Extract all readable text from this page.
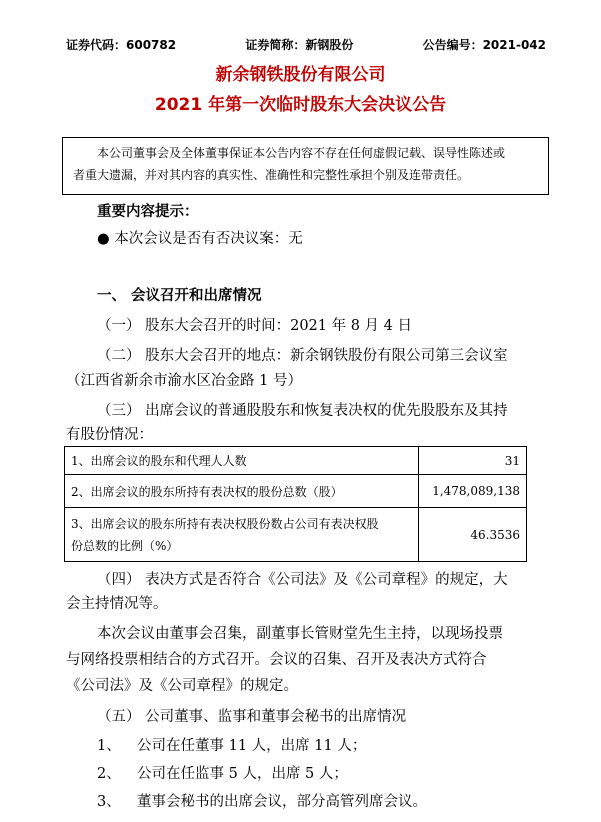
证券代码：600782	证券简称：新钢股份	公告编号：2021-042
新余钢铁股份有限公司
2021 年第一次临时股东大会决议公告

本公司董事会及全体董事保证本公告内容不存在任何虚假记载、误导性陈述或

者重大遗漏，并对其内容的真实性、准确性和完整性承担个别及连带责任。

重要内容提示：
● 本次会议是否有否决议案：无
一、 会议召开和出席情况
（一） 股东大会召开的时间：2021 年 8 月 4 日
（二） 股东大会召开的地点：新余钢铁股份有限公司第三会议室
（江西省新余市渝水区冶金路 1 号）
（三） 出席会议的普通股股东和恢复表决权的优先股股东及其持
有股份情况：
1、出席会议的股东和代理人人数	31
2、出席会议的股东所持有表决权的股份总数（股）	1,478,089,138
3、出席会议的股东所持有表决权股份数占公司有表决权股
份总数的比例（%）	46.3536
（四） 表决方式是否符合《公司法》及《公司章程》的规定，大
会主持情况等。
本次会议由董事会召集，副董事长管财堂先生主持，以现场投票
与网络投票相结合的方式召开。会议的召集、召开及表决方式符合
《公司法》及《公司章程》的规定。
（五） 公司董事、监事和董事会秘书的出席情况
1、 公司在任董事 11 人，出席 11 人；
2、 公司在任监事 5 人，出席 5 人；
3、 董事会秘书的出席会议，部分高管列席会议。
